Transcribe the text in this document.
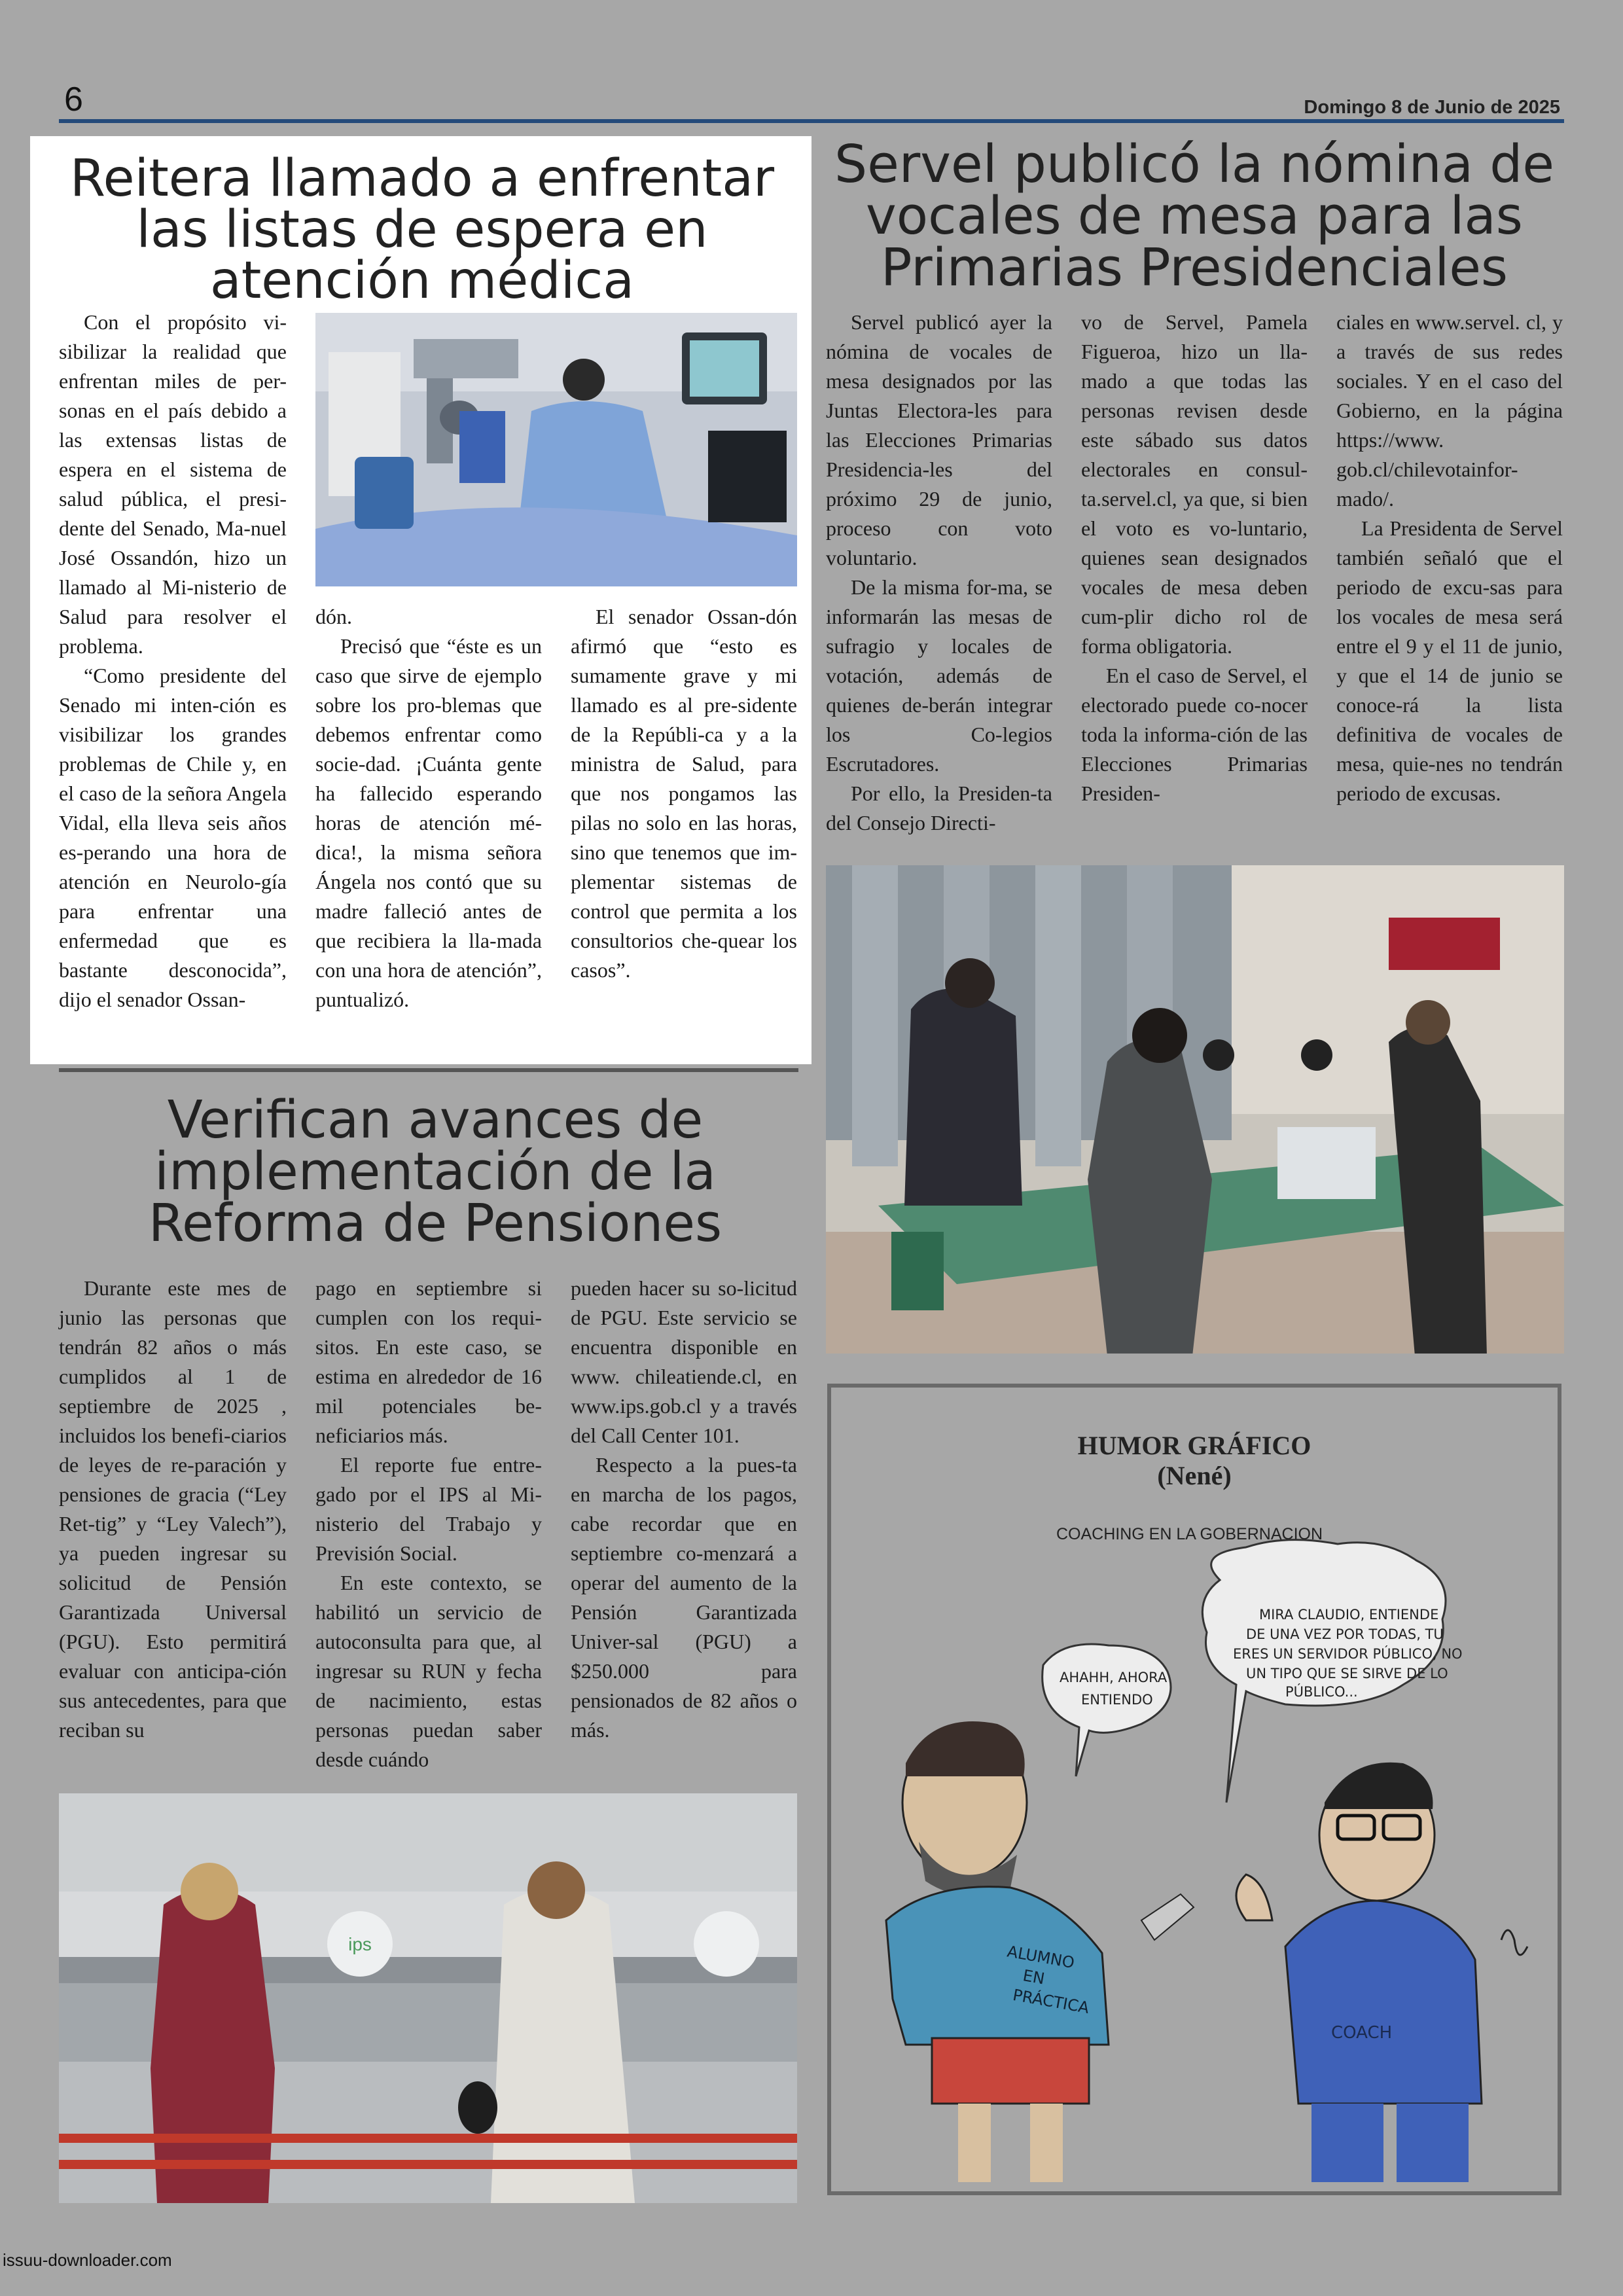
6	Domingo 8 de Junio de 2025
Reitera llamado a enfrentar las listas de espera en atención médica

Con el propósito vi-sibilizar la realidad que enfrentan miles de per-sonas en el país debido a las extensas listas de espera en el sistema de salud pública, el presi-dente del Senado, Ma-nuel José Ossandón, hizo un llamado al Mi-nisterio de Salud para resolver el problema.

“Como presidente del Senado mi inten-ción es visibilizar los grandes problemas de Chile y, en el caso de la señora Angela Vidal, ella lleva seis años es-perando una hora de atención en Neurolo-gía para enfrentar una enfermedad que es bastante desconocida”, dijo el senador Ossan-

dón.

Precisó que “éste es un caso que sirve de ejemplo sobre los pro-blemas que debemos enfrentar como socie-dad. ¡Cuánta gente ha fallecido esperando horas de atención mé-dica!, la misma señora Ángela nos contó que su madre falleció antes de que recibiera la lla-mada con una hora de atención”, puntualizó.

El senador Ossan-dón afirmó que “esto es sumamente grave y mi llamado es al pre-sidente de la Repúbli-ca y a la ministra de Salud, para que nos pongamos las pilas no solo en las horas, sino que tenemos que im-plementar sistemas de control que permita a los consultorios che-quear los casos”.

Servel publicó la nómina de vocales de mesa para las Primarias Presidenciales

Servel publicó ayer la nómina de vocales de mesa designados por las Juntas Electora-les para las Elecciones Primarias Presidencia-les del próximo 29 de junio, proceso con voto voluntario.

De la misma for-ma, se informarán las mesas de sufragio y locales de votación, además de quienes de-berán integrar los Co-legios Escrutadores.

Por ello, la Presiden-ta del Consejo Directi-

vo de Servel, Pamela Figueroa, hizo un lla-mado a que todas las personas revisen desde este sábado sus datos electorales en consul-ta.servel.cl, ya que, si bien el voto es vo-luntario, quienes sean designados vocales de mesa deben cum-plir dicho rol de forma obligatoria.

En el caso de Servel, el electorado puede co-nocer toda la informa-ción de las Elecciones Primarias Presiden-

ciales en www.servel. cl, y a través de sus redes sociales. Y en el caso del Gobierno, en la página https://www. gob.cl/chilevotainfor-mado/.

La Presidenta de Servel también señaló que el periodo de excu-sas para los vocales de mesa será entre el 9 y el 11 de junio, y que el 14 de junio se conoce-rá la lista definitiva de vocales de mesa, quie-nes no tendrán periodo de excusas.

Verifican avances de implementación de la Reforma de Pensiones

Durante este mes de junio las personas que tendrán 82 años o más cumplidos al 1 de septiembre de 2025 , incluidos los benefi-ciarios de leyes de re-paración y pensiones de gracia (“Ley Ret-tig” y “Ley Valech”), ya pueden ingresar su solicitud de Pensión Garantizada Universal (PGU). Esto permitirá evaluar con anticipa-ción sus antecedentes, para que reciban su

pago en septiembre si cumplen con los requi-sitos. En este caso, se estima en alrededor de 16 mil potenciales be-neficiarios más.

El reporte fue entre-gado por el IPS al Mi-nisterio del Trabajo y Previsión Social.

En este contexto, se habilitó un servicio de autoconsulta para que, al ingresar su RUN y fecha de nacimiento, estas personas puedan saber desde cuándo

pueden hacer su so-licitud de PGU. Este servicio se encuentra disponible en www. chileatiende.cl, en www.ips.gob.cl y a través del Call Center 101.

Respecto a la pues-ta en marcha de los pagos, cabe recordar que en septiembre co-menzará a operar del aumento de la Pensión Garantizada Univer-sal (PGU) a $250.000 para pensionados de 82 años o más.

ips
HUMOR GRÁFICO
(Nené)
COACHING EN LA GOBERNACION
MIRA CLAUDIO, ENTIENDE DE UNA VEZ POR TODAS, TU ERES UN SERVIDOR PÚBLICO, NO UN TIPO QUE SE SIRVE DE LO PÚBLICO...
AHAHH, AHORA ENTIENDO
ALUMNO EN PRÁCTICA
COACH
issuu-downloader.com
